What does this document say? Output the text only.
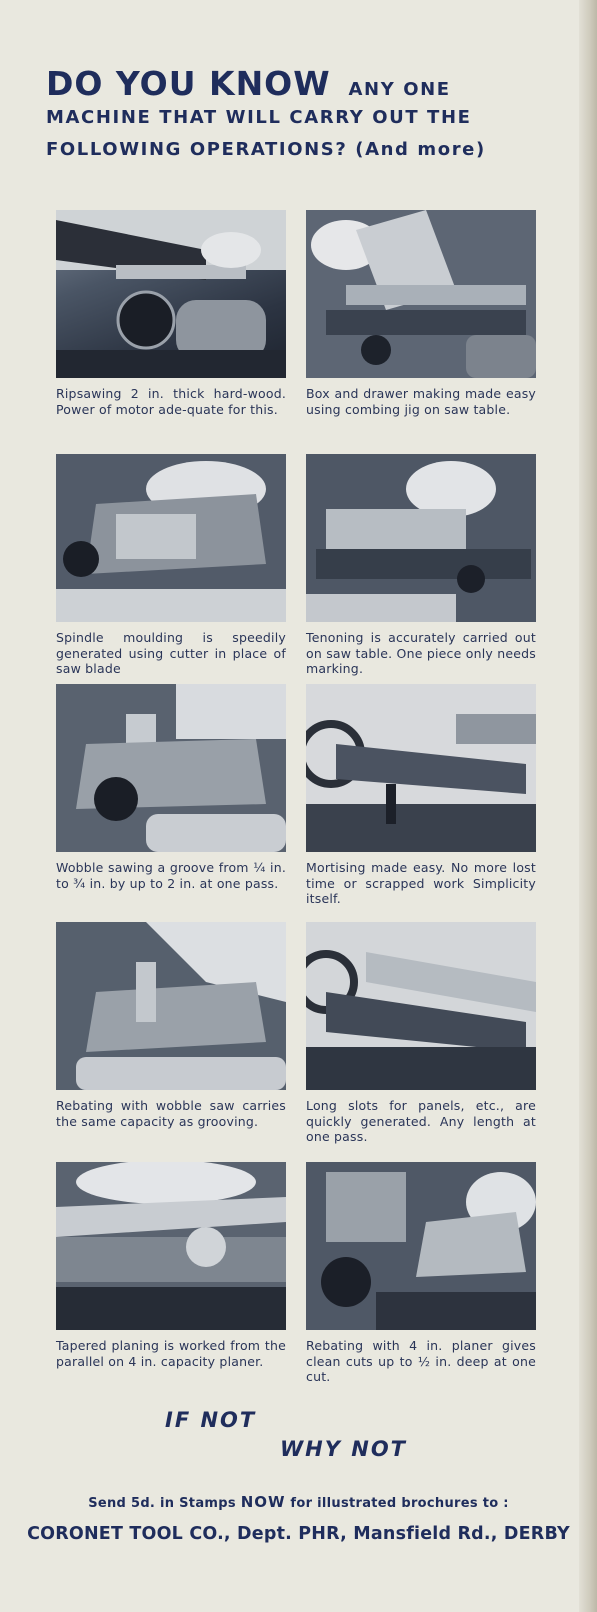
DO YOU KNOW ANY ONE
MACHINE THAT WILL CARRY OUT THE
FOLLOWING OPERATIONS? (And more)
Ripsawing 2 in. thick hard-wood. Power of motor ade-quate for this.
Box and drawer making made easy using combing jig on saw table.
Spindle moulding is speedily generated using cutter in place of saw blade
Tenoning is accurately carried out on saw table. One piece only needs marking.
Wobble sawing a groove from ¼ in. to ¾ in. by up to 2 in. at one pass.
Mortising made easy. No more lost time or scrapped work Simplicity itself.
Rebating with wobble saw carries the same capacity as grooving.
Long slots for panels, etc., are quickly generated. Any length at one pass.
Tapered planing is worked from the parallel on 4 in. capacity planer.
Rebating with 4 in. planer gives clean cuts up to ½ in. deep at one cut.
IF NOT
WHY NOT
Send 5d. in Stamps NOW for illustrated brochures to :
CORONET TOOL CO., Dept. PHR, Mansfield Rd., DERBY
